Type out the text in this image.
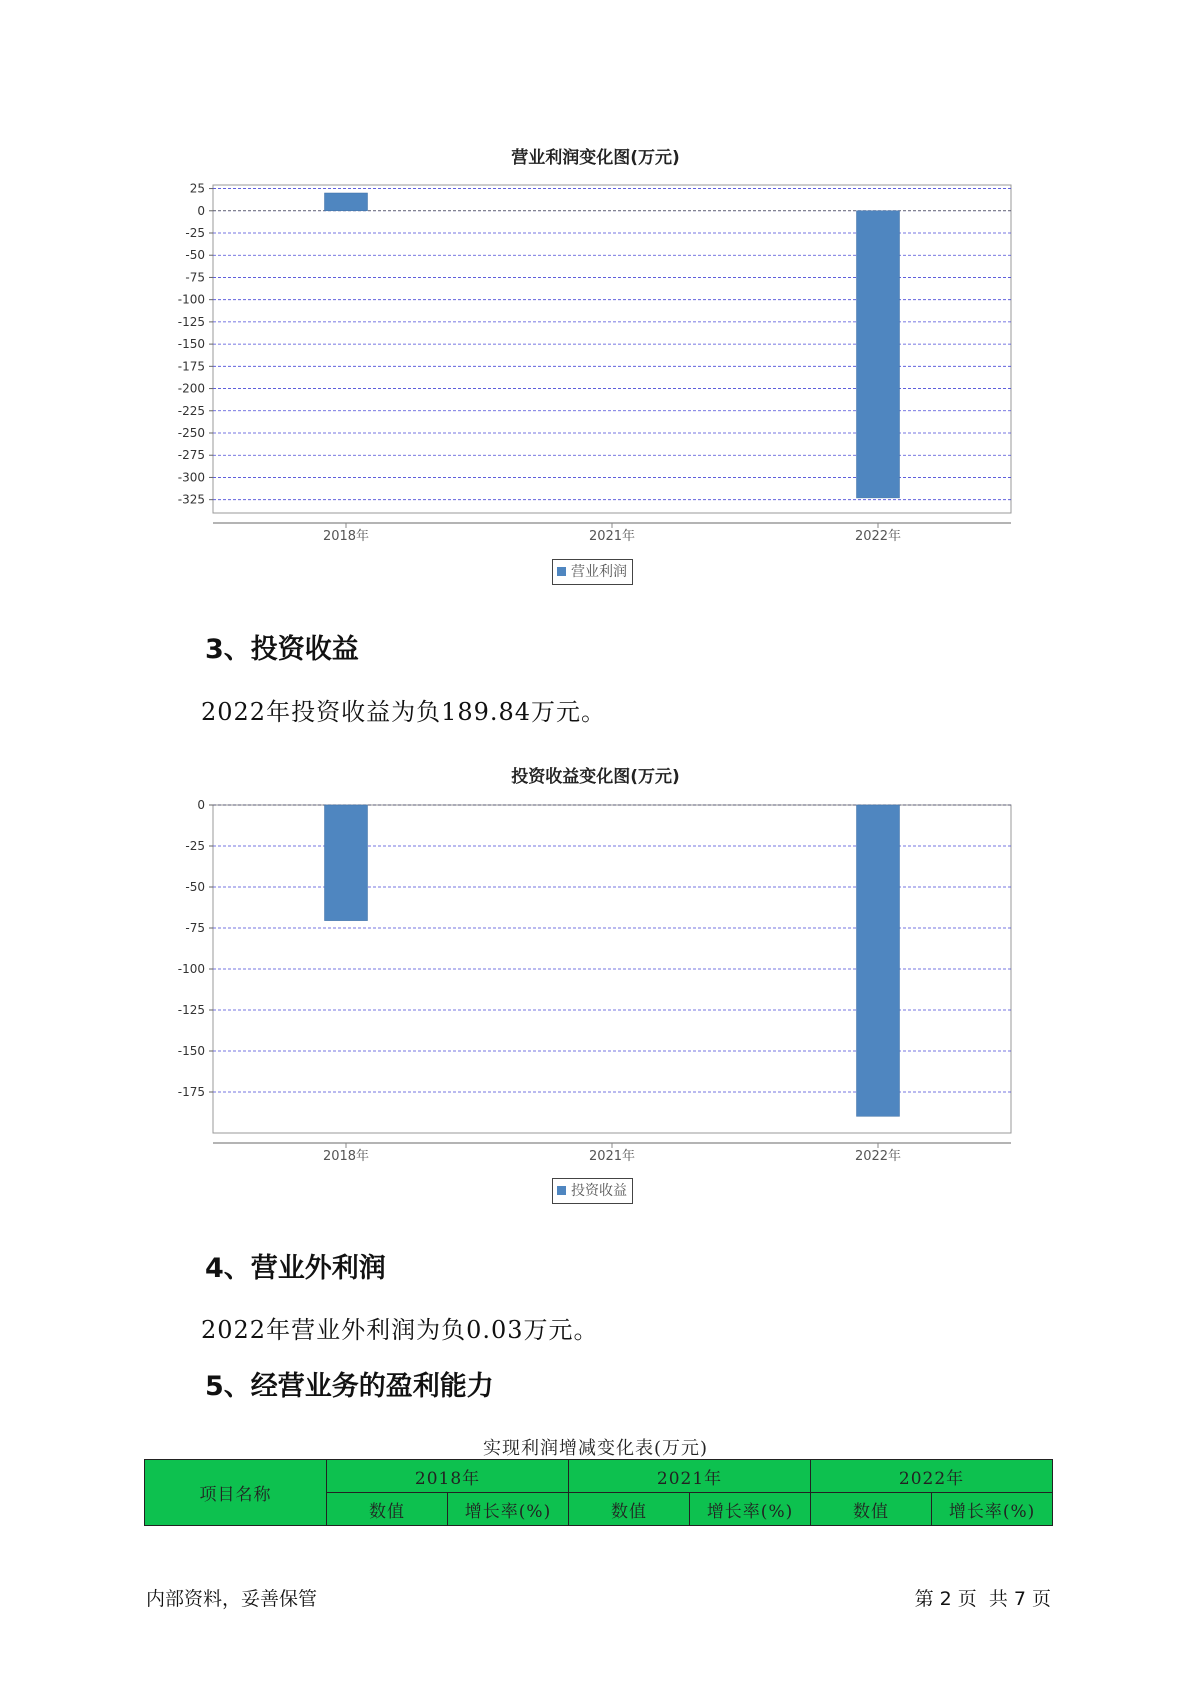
营业利润变化图(万元)
25
0
-25
-50
-75
-100
-125
-150
-175
-200
-225
-250
-275
-300
-325
2018年	2021年	2022年
营业利润
3、投资收益

2022年投资收益为负189.84万元。

投资收益变化图(万元)
0
-25
-50
-75
-100
-125
-150
-175
2018年	2021年	2022年
投资收益
4、营业外利润

2022年营业外利润为负0.03万元。

5、经营业务的盈利能力
实现利润增减变化表(万元)
项目名称	2018年		2021年		2022年	
	数值	增长率(%)	数值	增长率(%)	数值	增长率(%)
内部资料，妥善保管	第 2 页  共 7 页
